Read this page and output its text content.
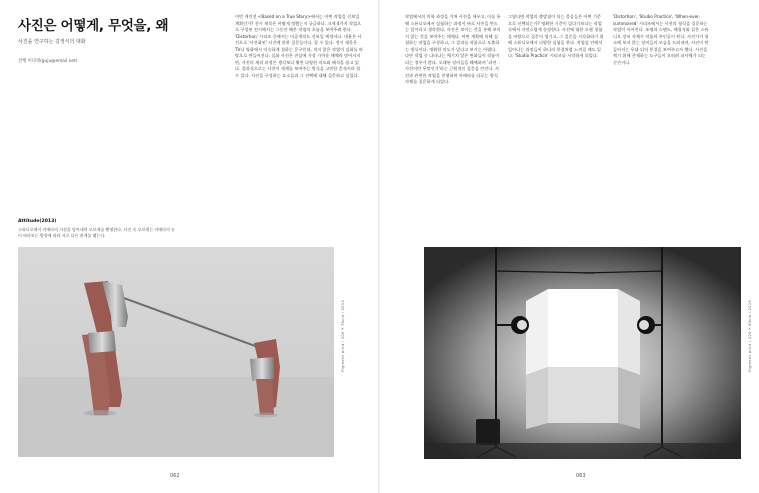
사진은 어떻게, 무엇을, 왜
사진을 연구하는 김정식의 대화
진행 이다영(guju@email.net)

이번 개인전 <Based on a True Story>에서는 어떤 작업을 선보일 계획인가? 전시 제목은 어떻게 정했는지 궁금하다. 크게 4가지 작업으로 구성된 전시에서는 그동안 해온 작업의 흐름을 보여주려 한다. 'Distortion' 시리즈 중에서는 미공개작도 선보일 예정이다. 내용은 사진으로 '사건화된' 사건에 관한 질문들이다. 할 수 있다. 전시 제목은 TV나 영화에서 익숙하게 접하는 문구인데, 적지 않은 작업이 실화를 바탕으로 만들어진다. 실화 사진은 진실에 가장 가까운 매체라 믿어지지만, 사진의 제작 과정은 생각보다 훨씬 다양한 의도와 해석을 품고 있다. 결과적으로는 사진이 세계를 보여주는 방식을 고민한 흔적이라 할 수 있다. 사진을 구성하는 요소들과 그 선택에 대해 질문하고 싶었다.

Attitude(2013)
스튜디오에서 카메라의 시점을 담아내며 오브제를 촬영한다. 사진 속 오브제는 카메라의 눈이 바라보는 방향에 따라 서로 다른 관계를 맺는다.
Pigment print / 100×76cm / 2013
062

작업에서의 미학 과정을 거쳐 사진을 세우고, 이를 통해 스튜디오에서 실험하는 과정이 바로 사진을 만드는 일이라고 생각한다. 사진은 보이는 것을 통해 보이지 않는 것을 보여주는 매체다. 어떤 계획에 의해 실험하는 작업을 구상하고, 그 결과를 작품으로 도출하는 방식이다. 명확한 의도가 있다고 보기는 어렵다. 다만 작업 중 나타나는 예기치 않은 변화들이 작품이 되는 경우가 많다. 오래된 장비들을 해체하며 '과연 사진이란 무엇인가'라는 근원적인 질문을 던진다. 사진과 관련한 작업을 진행하며 카메라를 다루는 방식 자체를 질문하게 되었다.

그렇다면 작업의 출발점이 되는 물음들은 어떤 기준으로 선택되는가? 명확한 기준이 있다기보다는 작업 속에서 자연스럽게 등장한다. 사진에 대한 오랜 경험을 바탕으로 질문이 생기고, 그 질문을 시각화하기 위해 스튜디오에서 다양한 실험을 한다. 작업실 안에서 일어나는 과정들이 하나의 풍경처럼 느껴질 때도 있다. 'Studio Practice' 시리즈를 시작하게 되었다.

'Distortion', 'Studio Practice', 'When-ever-summoned' 시리즈에서는 사진의 형식을 질문하는 작업이 이어진다. 조명과 스탠드, 배경지와 같은 스튜디오 장비 자체가 작품의 주인공이 된다. 사진가가 평소에 보지 않는 장비들의 모습을 드러내며, 사진이 만들어지는 무대 뒤의 풍경을 보여주고자 했다. 사진을 찍기 위해 존재하는 도구들이 오히려 피사체가 되는 순간이다.

Pigment print / 120×90cm / 2015
063
